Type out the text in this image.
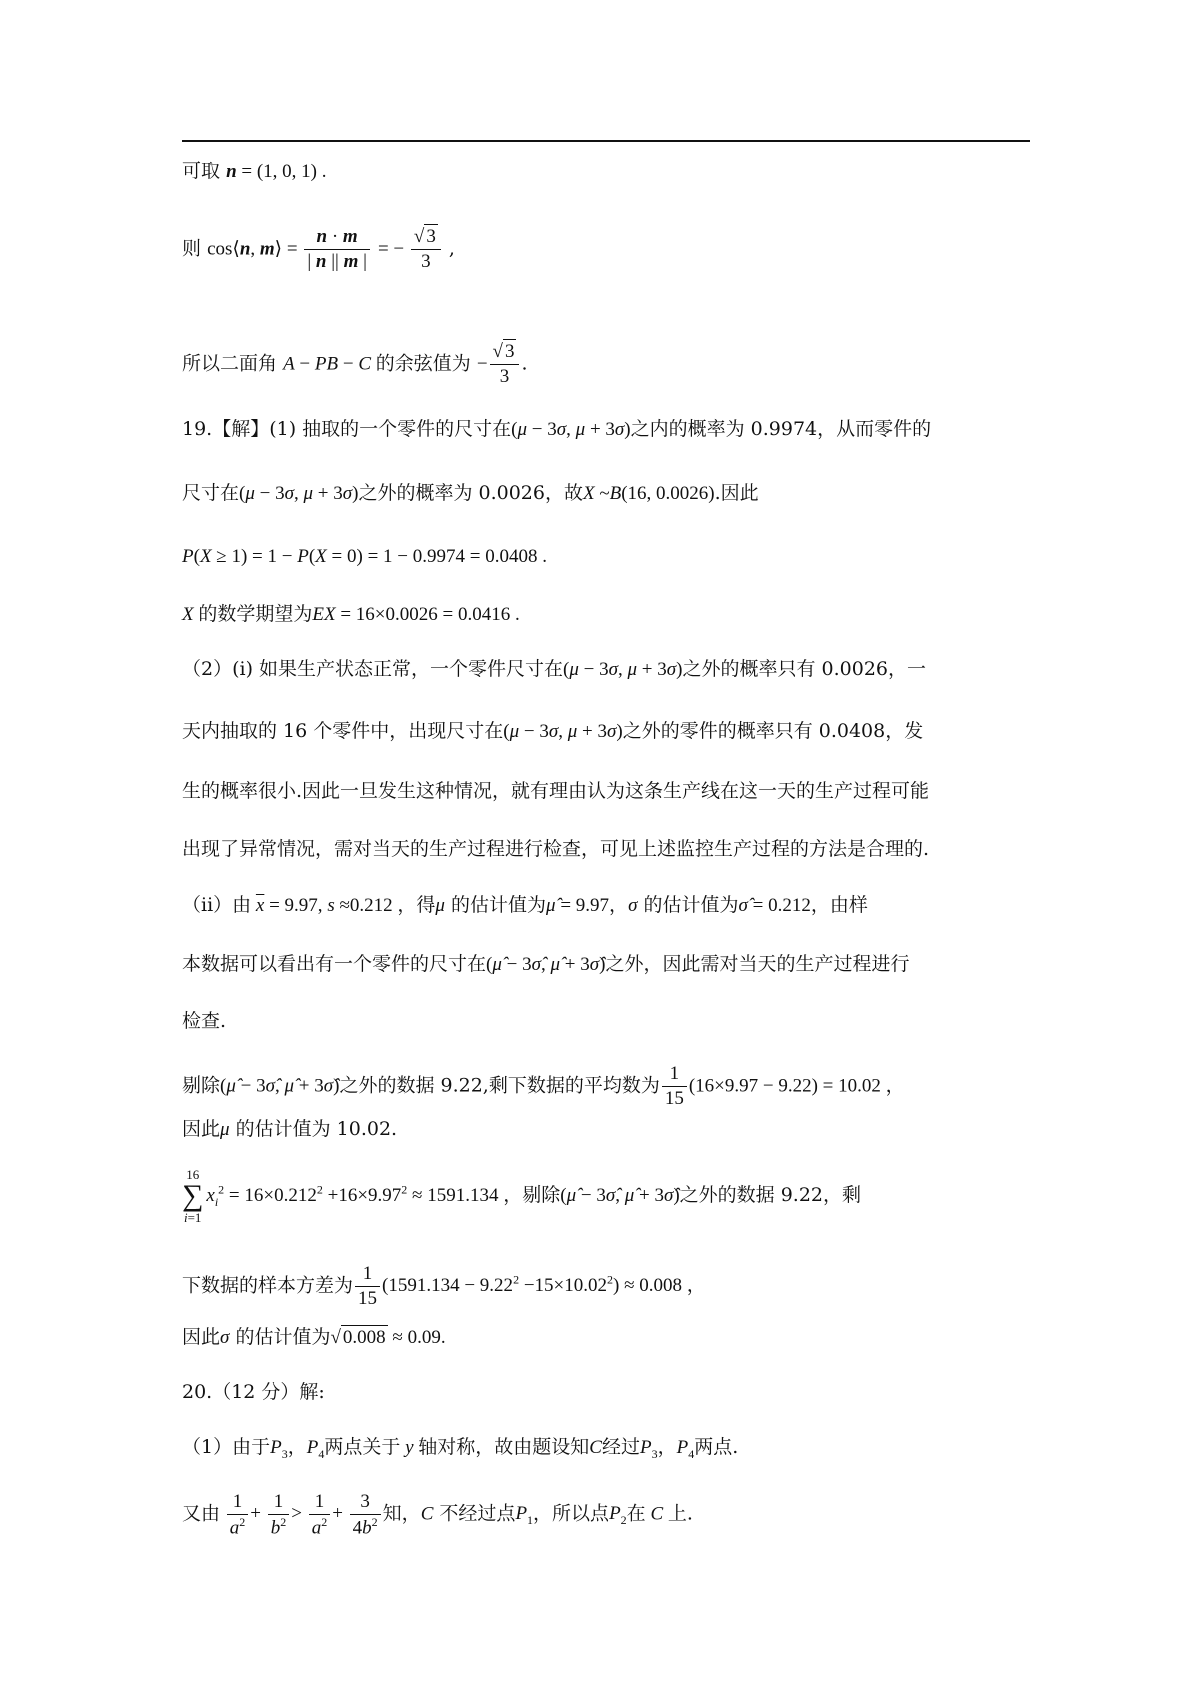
可取 n = (1, 0, 1) .
则 cos⟨n, m⟩ = $\frac{n \cdot m}{| n || m |}$ = − $\frac{√ 3}{3}$ ,
所以二面角 A − PB − C 的余弦值为 − $\frac{√ 3}{3}$ .
19.【解】(1) 抽取的一个零件的尺寸在(μ − 3σ, μ + 3σ)之内的概率为 0.9974，从而零件的
尺寸在(μ − 3σ, μ + 3σ)之外的概率为 0.0026，故X ~B(16, 0.0026).因此
P(X ≥ 1) = 1 − P(X = 0) = 1 − 0.9974 = 0.0408 .
X 的数学期望为EX = 16×0.0026 = 0.0416 .
（2）(i) 如果生产状态正常，一个零件尺寸在(μ − 3σ, μ + 3σ)之外的概率只有 0.0026，一
天内抽取的 16 个零件中，出现尺寸在(μ − 3σ, μ + 3σ)之外的零件的概率只有 0.0408，发
生的概率很小.因此一旦发生这种情况，就有理由认为这条生产线在这一天的生产过程可能
出现了异常情况，需对当天的生产过程进行检查，可见上述监控生产过程的方法是合理的.
（ii）由 $\overline{x} = 9.97$, s ≈0.212 ，得μ 的估计值为μ̂ = 9.97，σ 的估计值为σ̂ = 0.212，由样
本数据可以看出有一个零件的尺寸在(μ̂ − 3σ̂, μ̂ + 3σ̂)之外，因此需对当天的生产过程进行
检查.
剔除(μ̂ − 3σ̂, μ̂ + 3σ̂)之外的数据 9.22,剩下数据的平均数为 $\frac{1}{15} (16\times 9.97 - 9.22) = 10.02$ ，
因此μ 的估计值为 10.02.
16
∑
$i=1x_i^2 = 16\times 0.212^2 +16\times 9.97^2 \approx 1591.134$ ，剔除(μ̂ − 3σ̂, μ̂ + 3σ̂)之外的数据 9.22，剩
下数据的样本方差为 $\frac{1}{15} (1591.134 - 9.22^2 -15\times 10.02^2) \approx 0.008$ ，
因此σ 的估计值为√ 0.008 ≈ 0.09.
20.（12 分）解:
（1）由于$P_3$，$P_4$两点关于 y 轴对称，故由题设知C经过$P_3$，$P_4$两点.
又由 $\frac{1}{a^2} + \frac{1}{b^2} > \frac{1}{a^2} + \frac{3}{4b^2}$ 知，C 不经过点$P_1$，所以点$P_2$在 C 上.
